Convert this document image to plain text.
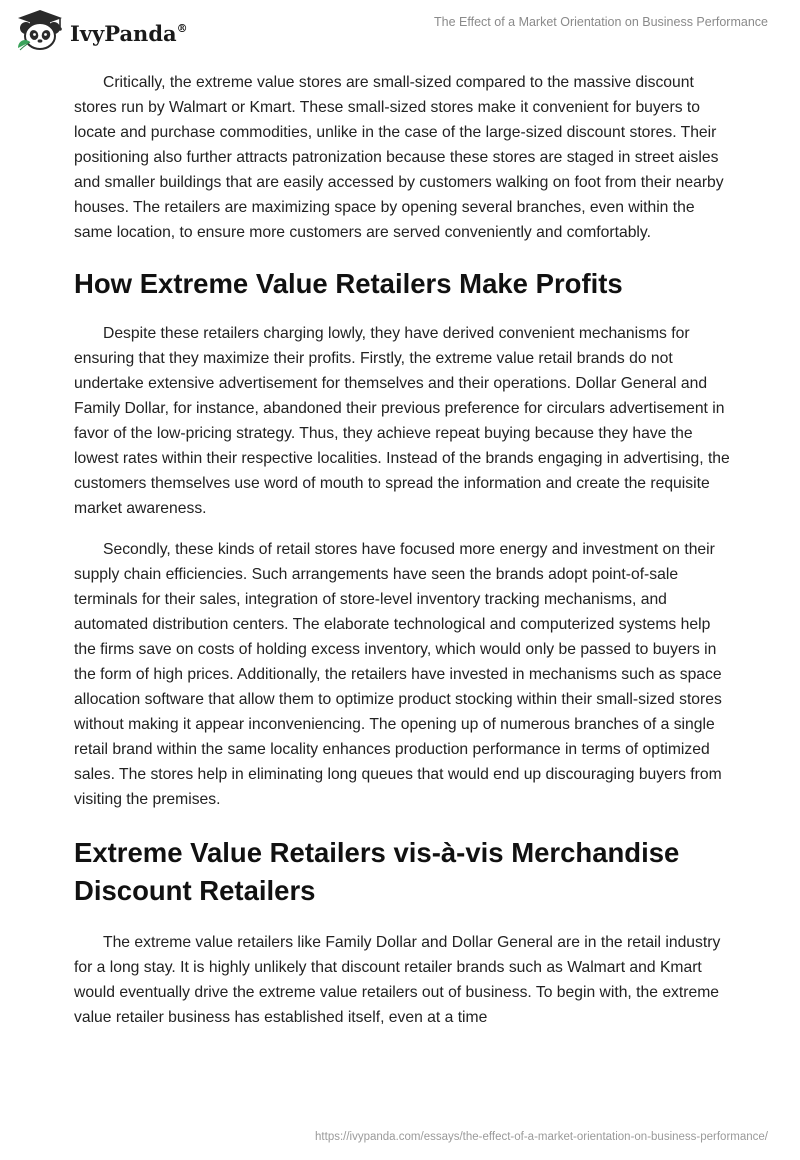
IvyPanda®	The Effect of a Market Orientation on Business Performance

Critically, the extreme value stores are small-sized compared to the massive discount stores run by Walmart or Kmart. These small-sized stores make it convenient for buyers to locate and purchase commodities, unlike in the case of the large-sized discount stores. Their positioning also further attracts patronization because these stores are staged in street aisles and smaller buildings that are easily accessed by customers walking on foot from their nearby houses. The retailers are maximizing space by opening several branches, even within the same location, to ensure more customers are served conveniently and comfortably.

How Extreme Value Retailers Make Profits

Despite these retailers charging lowly, they have derived convenient mechanisms for ensuring that they maximize their profits. Firstly, the extreme value retail brands do not undertake extensive advertisement for themselves and their operations. Dollar General and Family Dollar, for instance, abandoned their previous preference for circulars advertisement in favor of the low-pricing strategy. Thus, they achieve repeat buying because they have the lowest rates within their respective localities. Instead of the brands engaging in advertising, the customers themselves use word of mouth to spread the information and create the requisite market awareness.

Secondly, these kinds of retail stores have focused more energy and investment on their supply chain efficiencies. Such arrangements have seen the brands adopt point-of-sale terminals for their sales, integration of store-level inventory tracking mechanisms, and automated distribution centers. The elaborate technological and computerized systems help the firms save on costs of holding excess inventory, which would only be passed to buyers in the form of high prices. Additionally, the retailers have invested in mechanisms such as space allocation software that allow them to optimize product stocking within their small-sized stores without making it appear inconveniencing. The opening up of numerous branches of a single retail brand within the same locality enhances production performance in terms of optimized sales. The stores help in eliminating long queues that would end up discouraging buyers from visiting the premises.

Extreme Value Retailers vis-à-vis Merchandise Discount Retailers

The extreme value retailers like Family Dollar and Dollar General are in the retail industry for a long stay. It is highly unlikely that discount retailer brands such as Walmart and Kmart would eventually drive the extreme value retailers out of business. To begin with, the extreme value retailer business has established itself, even at a time

https://ivypanda.com/essays/the-effect-of-a-market-orientation-on-business-performance/
